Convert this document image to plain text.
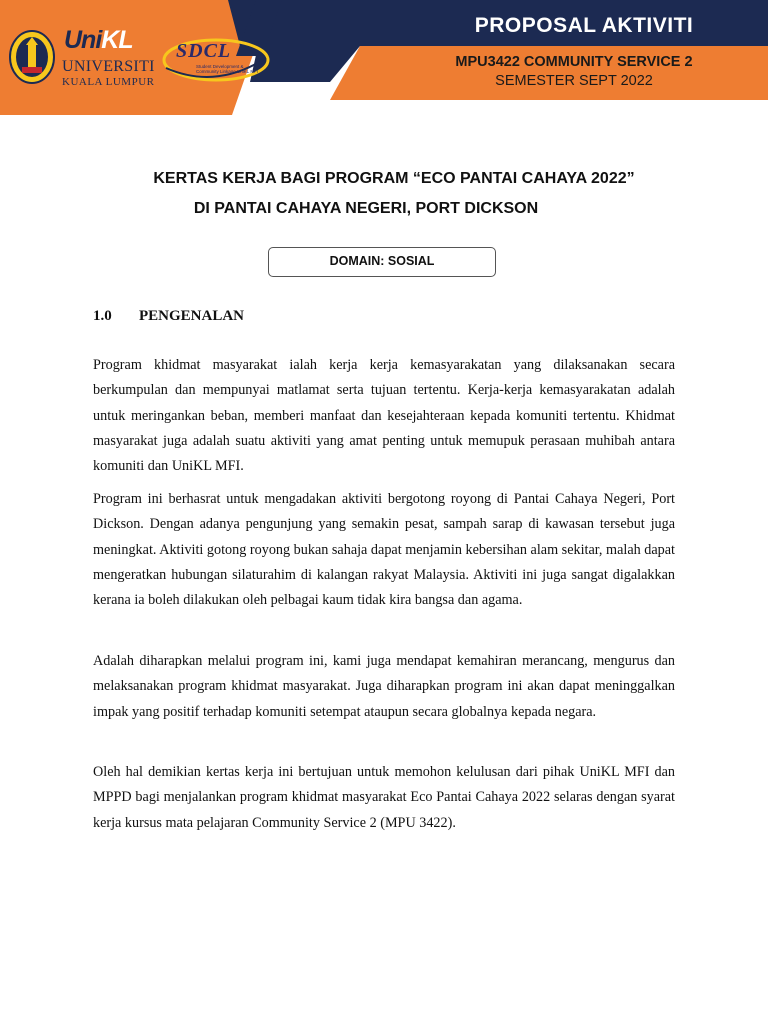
UniKL
UNIVERSITI
KUALA LUMPUR
SDCL
Student Development & Community Linkage UniKL MFI
PROPOSAL AKTIVITI
MPU3422 COMMUNITY SERVICE 2
SEMESTER SEPT 2022
KERTAS KERJA BAGI PROGRAM “ECO PANTAI CAHAYA 2022”
DI PANTAI CAHAYA NEGERI, PORT DICKSON
DOMAIN: SOSIAL
1.0 PENGENALAN

Program khidmat masyarakat ialah kerja kerja kemasyarakatan yang dilaksanakan secara berkumpulan dan mempunyai matlamat serta tujuan tertentu. Kerja-kerja kemasyarakatan adalah untuk meringankan beban, memberi manfaat dan kesejahteraan kepada komuniti tertentu. Khidmat masyarakat juga adalah suatu aktiviti yang amat penting untuk memupuk perasaan muhibah antara komuniti dan UniKL MFI.

Program ini berhasrat untuk mengadakan aktiviti bergotong royong di Pantai Cahaya Negeri, Port Dickson. Dengan adanya pengunjung yang semakin pesat, sampah sarap di kawasan tersebut juga meningkat. Aktiviti gotong royong bukan sahaja dapat menjamin kebersihan alam sekitar, malah dapat mengeratkan hubungan silaturahim di kalangan rakyat Malaysia. Aktiviti ini juga sangat digalakkan kerana ia boleh dilakukan oleh pelbagai kaum tidak kira bangsa dan agama.

Adalah diharapkan melalui program ini, kami juga mendapat kemahiran merancang, mengurus dan melaksanakan program khidmat masyarakat. Juga diharapkan program ini akan dapat meninggalkan impak yang positif terhadap komuniti setempat ataupun secara globalnya kepada negara.

Oleh hal demikian kertas kerja ini bertujuan untuk memohon kelulusan dari pihak UniKL MFI dan MPPD bagi menjalankan program khidmat masyarakat Eco Pantai Cahaya 2022 selaras dengan syarat kerja kursus mata pelajaran Community Service 2 (MPU 3422).
